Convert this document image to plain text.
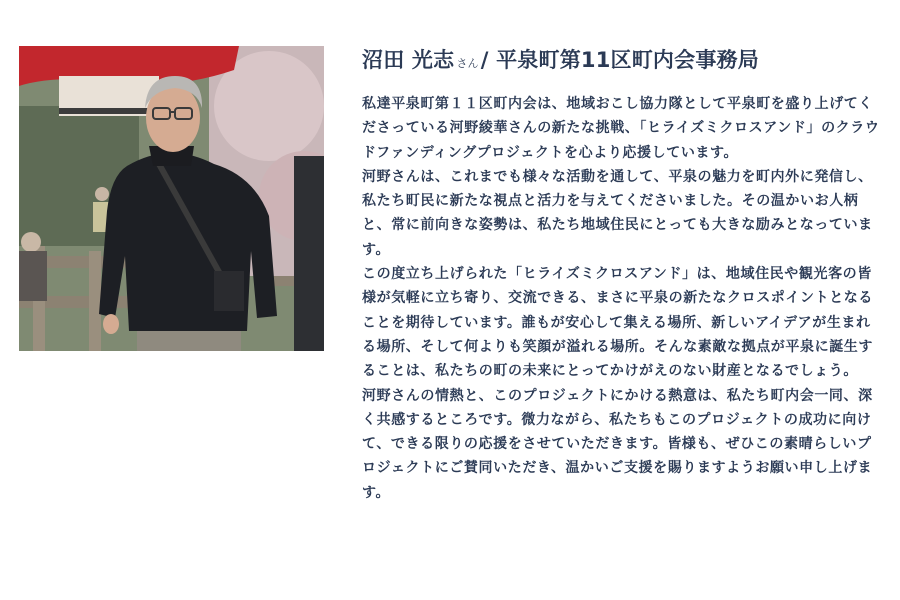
沼田 光志 さん/ 平泉町第11区町内会事務局

私達平泉町第１１区町内会は、地域おこし協力隊として平泉町を盛り上げてくださっている河野綾華さんの新たな挑戦、「ヒライズミクロスアンド」のクラウドファンディングプロジェクトを心より応援しています。

河野さんは、これまでも様々な活動を通して、平泉の魅力を町内外に発信し、私たち町民に新たな視点と活力を与えてくださいました。その温かいお人柄と、常に前向きな姿勢は、私たち地域住民にとっても大きな励みとなっています。

この度立ち上げられた「ヒライズミクロスアンド」は、地域住民や観光客の皆様が気軽に立ち寄り、交流できる、まさに平泉の新たなクロスポイントとなることを期待しています。誰もが安心して集える場所、新しいアイデアが生まれる場所、そして何よりも笑顔が溢れる場所。そんな素敵な拠点が平泉に誕生することは、私たちの町の未来にとってかけがえのない財産となるでしょう。

河野さんの情熱と、このプロジェクトにかける熱意は、私たち町内会一同、深く共感するところです。微力ながら、私たちもこのプロジェクトの成功に向けて、できる限りの応援をさせていただきます。皆様も、ぜひこの素晴らしいプロジェクトにご賛同いただき、温かいご支援を賜りますようお願い申し上げます。
